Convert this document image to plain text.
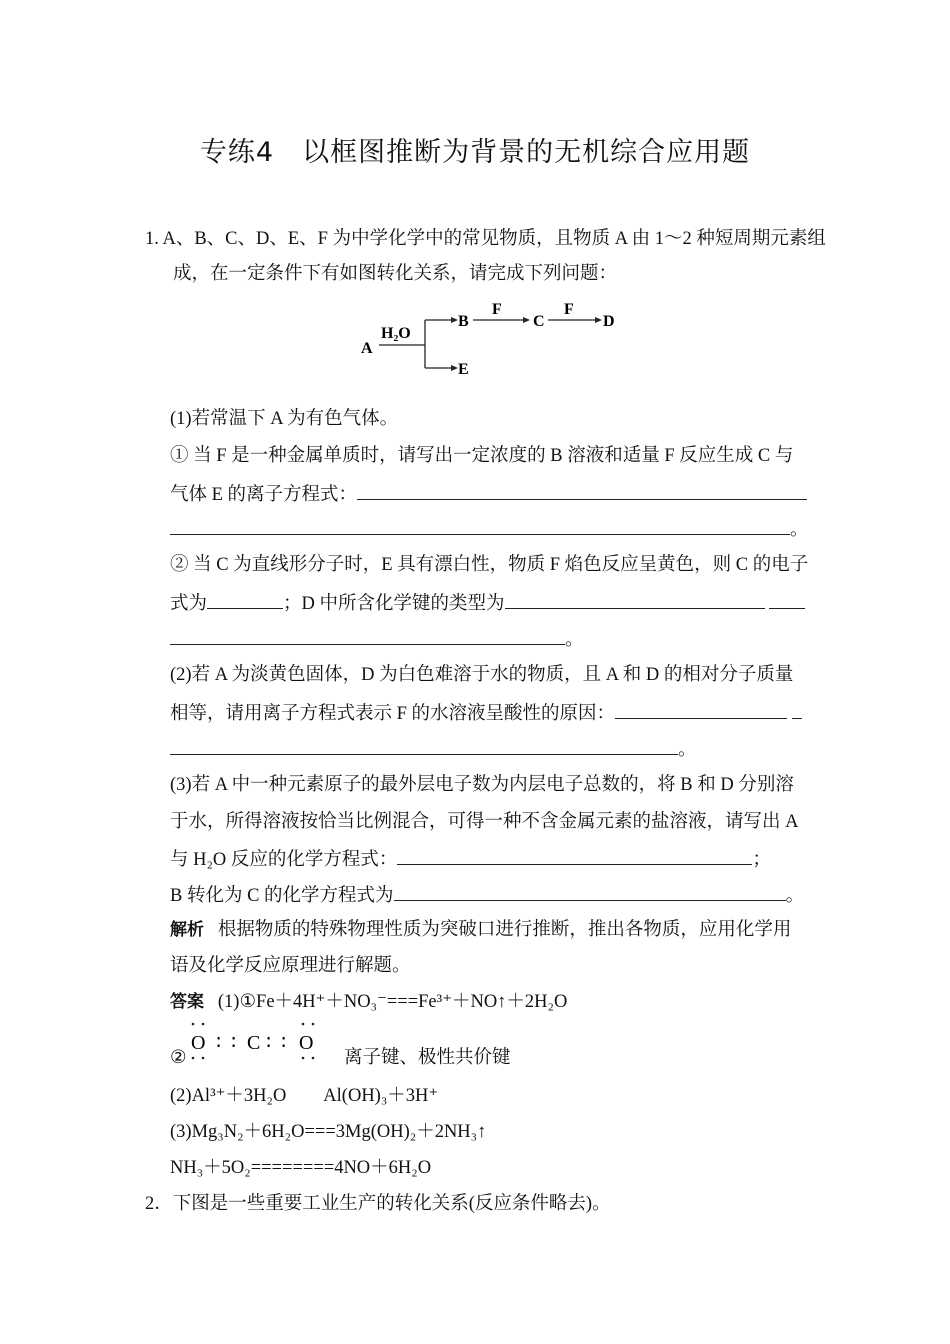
专练4　以框图推断为背景的无机综合应用题
1. A、B、C、D、E、F 为中学化学中的常见物质，且物质 A 由 1～2 种短周期元素组
成，在一定条件下有如图转化关系，请完成下列问题：
A
H₂O
B
F
C
F
D
E
(1)若常温下 A 为有色气体。
① 当 F 是一种金属单质时，请写出一定浓度的 B 溶液和适量 F 反应生成 C 与
气体 E 的离子方程式：
。
② 当 C 为直线形分子时，E 具有漂白性，物质 F 焰色反应呈黄色，则 C 的电子
式为	；D 中所含化学键的类型为
。
(2)若 A 为淡黄色固体，D 为白色难溶于水的物质，且 A 和 D 的相对分子质量
相等，请用离子方程式表示 F 的水溶液呈酸性的原因：
。
(3)若 A 中一种元素原子的最外层电子数为内层电子总数的，将 B 和 D 分别溶
于水，所得溶液按恰当比例混合，可得一种不含金属元素的盐溶液，请写出 A
与 H₂O 反应的化学方程式：	；
B 转化为 C 的化学方程式为	。
解析 根据物质的特殊物理性质为突破口进行推断，推出各物质，应用化学用
语及化学反应原理进行解题。
答案 (1)①Fe＋4H⁺＋NO₃⁻===Fe³⁺＋NO↑＋2H₂O
②
O ∶ ∶ C ∶ ∶ O
离子键、极性共价键
(2)Al³⁺＋3H₂O　　Al(OH)₃＋3H⁺
(3)Mg₃N₂＋6H₂O===3Mg(OH)₂＋2NH₃↑
NH₃＋5O₂========4NO＋6H₂O
2．下图是一些重要工业生产的转化关系(反应条件略去)。
